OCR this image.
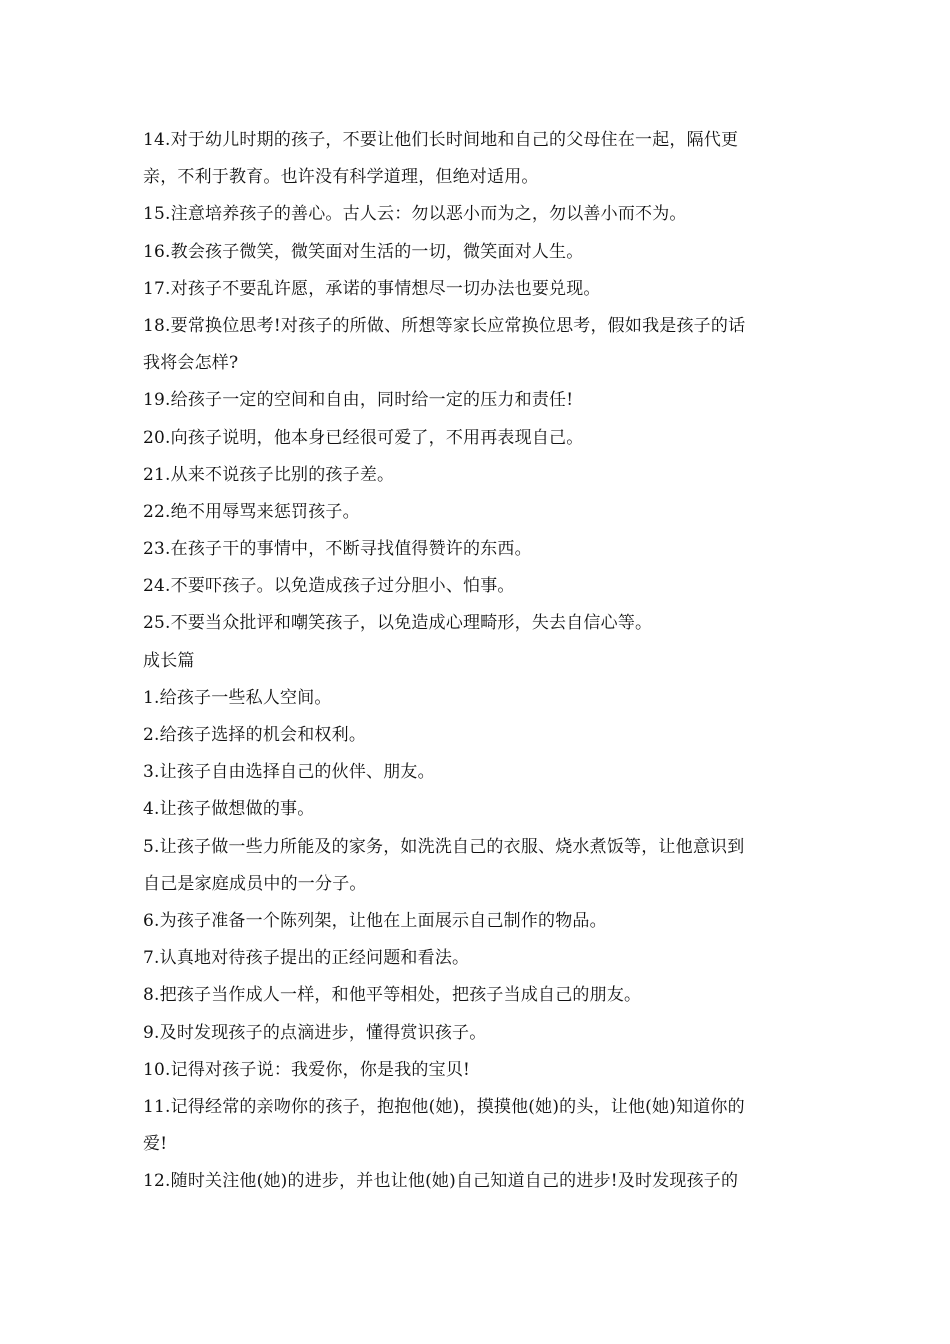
14.对于幼儿时期的孩子，不要让他们长时间地和自己的父母住在一起，隔代更
亲，不利于教育。也许没有科学道理，但绝对适用。
15.注意培养孩子的善心。古人云：勿以恶小而为之，勿以善小而不为。
16.教会孩子微笑，微笑面对生活的一切，微笑面对人生。
17.对孩子不要乱许愿，承诺的事情想尽一切办法也要兑现。
18.要常换位思考!对孩子的所做、所想等家长应常换位思考，假如我是孩子的话
我将会怎样?
19.给孩子一定的空间和自由，同时给一定的压力和责任!
20.向孩子说明，他本身已经很可爱了，不用再表现自己。
21.从来不说孩子比别的孩子差。
22.绝不用辱骂来惩罚孩子。
23.在孩子干的事情中，不断寻找值得赞许的东西。
24.不要吓孩子。以免造成孩子过分胆小、怕事。
25.不要当众批评和嘲笑孩子，以免造成心理畸形，失去自信心等。
成长篇
1.给孩子一些私人空间。
2.给孩子选择的机会和权利。
3.让孩子自由选择自己的伙伴、朋友。
4.让孩子做想做的事。
5.让孩子做一些力所能及的家务，如洗洗自己的衣服、烧水煮饭等，让他意识到
自己是家庭成员中的一分子。
6.为孩子准备一个陈列架，让他在上面展示自己制作的物品。
7.认真地对待孩子提出的正经问题和看法。
8.把孩子当作成人一样，和他平等相处，把孩子当成自己的朋友。
9.及时发现孩子的点滴进步，懂得赏识孩子。
10.记得对孩子说：我爱你，你是我的宝贝!
11.记得经常的亲吻你的孩子，抱抱他(她)，摸摸他(她)的头，让他(她)知道你的
爱!
12.随时关注他(她)的进步，并也让他(她)自己知道自己的进步!及时发现孩子的
